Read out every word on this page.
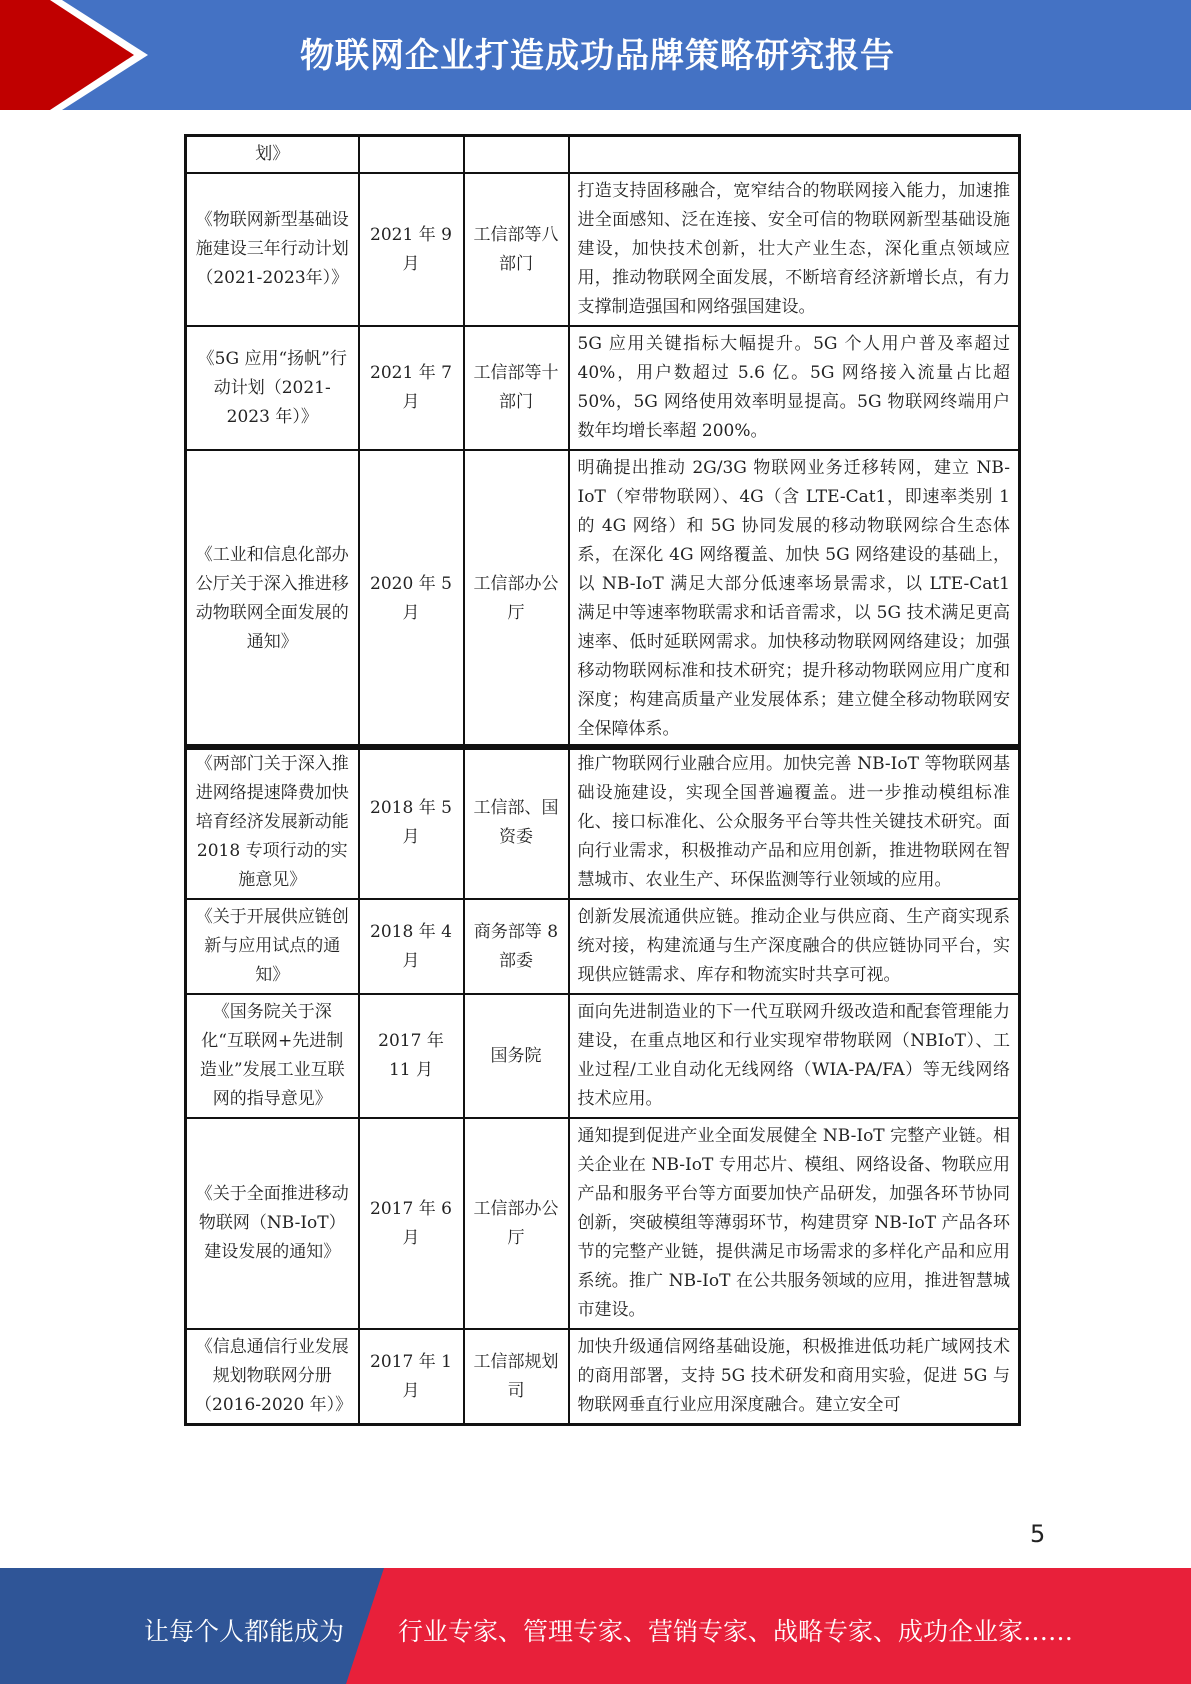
物联网企业打造成功品牌策略研究报告
划》			
《物联网新型基础设施建设三年行动计划（2021-2023年）》	2021 年 9 月	工信部等八部门	打造支持固移融合，宽窄结合的物联网接入能力，加速推进全面感知、泛在连接、安全可信的物联网新型基础设施建设，加快技术创新，壮大产业生态，深化重点领域应用，推动物联网全面发展，不断培育经济新增长点，有力支撑制造强国和网络强国建设。
《5G 应用“扬帆”行动计划（2021-2023 年）》	2021 年 7 月	工信部等十部门	5G 应用关键指标大幅提升。5G 个人用户普及率超过 40%，用户数超过 5.6 亿。5G 网络接入流量占比超 50%，5G 网络使用效率明显提高。5G 物联网终端用户数年均增长率超 200%。
《工业和信息化部办公厅关于深入推进移动物联网全面发展的通知》	2020 年 5 月	工信部办公厅	明确提出推动 2G/3G 物联网业务迁移转网，建立 NB-IoT（窄带物联网）、4G（含 LTE-Cat1，即速率类别 1 的 4G 网络）和 5G 协同发展的移动物联网综合生态体系，在深化 4G 网络覆盖、加快 5G 网络建设的基础上，以 NB-IoT 满足大部分低速率场景需求，以 LTE-Cat1 满足中等速率物联需求和话音需求，以 5G 技术满足更高速率、低时延联网需求。加快移动物联网网络建设；加强移动物联网标准和技术研究；提升移动物联网应用广度和深度；构建高质量产业发展体系；建立健全移动物联网安全保障体系。
《两部门关于深入推进网络提速降费加快培育经济发展新动能 2018 专项行动的实施意见》	2018 年 5 月	工信部、国资委	推广物联网行业融合应用。加快完善 NB-IoT 等物联网基础设施建设，实现全国普遍覆盖。进一步推动模组标准化、接口标准化、公众服务平台等共性关键技术研究。面向行业需求，积极推动产品和应用创新，推进物联网在智慧城市、农业生产、环保监测等行业领域的应用。
《关于开展供应链创新与应用试点的通知》	2018 年 4 月	商务部等 8 部委	创新发展流通供应链。推动企业与供应商、生产商实现系统对接，构建流通与生产深度融合的供应链协同平台，实现供应链需求、库存和物流实时共享可视。
《国务院关于深化“互联网+先进制造业”发展工业互联网的指导意见》	2017 年 11 月	国务院	面向先进制造业的下一代互联网升级改造和配套管理能力建设，在重点地区和行业实现窄带物联网（NBIoT）、工业过程/工业自动化无线网络（WIA-PA/FA）等无线网络技术应用。
《关于全面推进移动物联网（NB-IoT）建设发展的通知》	2017 年 6 月	工信部办公厅	通知提到促进产业全面发展健全 NB-IoT 完整产业链。相关企业在 NB-IoT 专用芯片、模组、网络设备、物联应用产品和服务平台等方面要加快产品研发，加强各环节协同创新，突破模组等薄弱环节，构建贯穿 NB-IoT 产品各环节的完整产业链，提供满足市场需求的多样化产品和应用系统。推广 NB-IoT 在公共服务领域的应用，推进智慧城市建设。
《信息通信行业发展规划物联网分册（2016-2020 年）》	2017 年 1 月	工信部规划司	加快升级通信网络基础设施，积极推进低功耗广域网技术的商用部署，支持 5G 技术研发和商用实验，促进 5G 与物联网垂直行业应用深度融合。建立安全可
5
让每个人都能成为 行业专家、管理专家、营销专家、战略专家、成功企业家……
